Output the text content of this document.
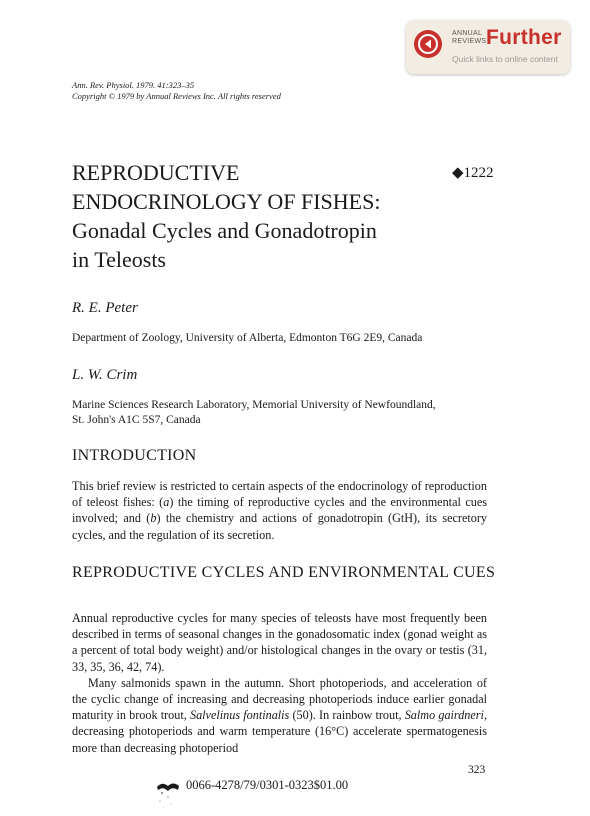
ANNUAL
REVIEWS Further
Quick links to online content
Ann. Rev. Physiol. 1979. 41:323–35
Copyright © 1979 by Annual Reviews Inc. All rights reserved
REPRODUCTIVE
ENDOCRINOLOGY OF FISHES:
Gonadal Cycles and Gonadotropin
in Teleosts
◆1222
R. E. Peter
Department of Zoology, University of Alberta, Edmonton T6G 2E9, Canada
L. W. Crim
Marine Sciences Research Laboratory, Memorial University of Newfoundland,
St. John's A1C 5S7, Canada
INTRODUCTION

This brief review is restricted to certain aspects of the endocrinology of reproduction of teleost fishes: (a) the timing of reproductive cycles and the environmental cues involved; and (b) the chemistry and actions of gonadotropin (GtH), its secretory cycles, and the regulation of its secretion.

REPRODUCTIVE CYCLES AND ENVIRONMENTAL CUES

Annual reproductive cycles for many species of teleosts have most frequently been described in terms of seasonal changes in the gonadosomatic index (gonad weight as a percent of total body weight) and/or histological changes in the ovary or testis (31, 33, 35, 36, 42, 74).

Many salmonids spawn in the autumn. Short photoperiods, and acceleration of the cyclic change of increasing and decreasing photoperiods induce earlier gonadal maturity in brook trout, Salvelinus fontinalis (50). In rainbow trout, Salmo gairdneri, decreasing photoperiods and warm temperature (16°C) accelerate spermatogenesis more than decreasing photoperiod

323
0066-4278/79/0301-0323$01.00
